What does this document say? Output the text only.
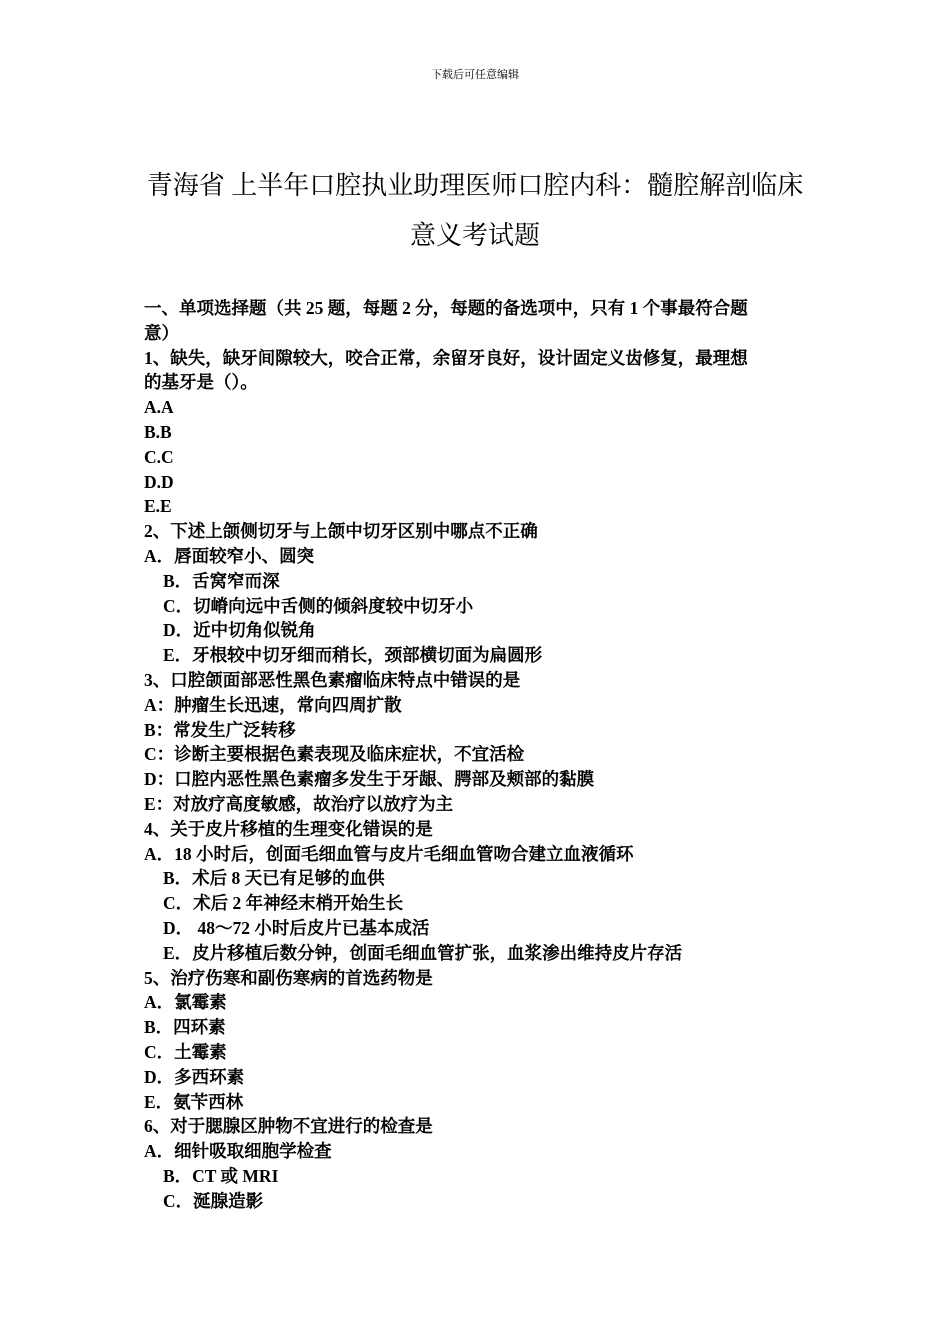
下载后可任意编辑
青海省 上半年口腔执业助理医师口腔内科：髓腔解剖临床
意义考试题
一、单项选择题（共 25 题，每题 2 分，每题的备选项中，只有 1 个事最符合题
意）
1、缺失，缺牙间隙较大，咬合正常，余留牙良好，设计固定义齿修复，最理想
的基牙是（）。
A.A
B.B
C.C
D.D
E.E
2、下述上颌侧切牙与上颌中切牙区别中哪点不正确
A．唇面较窄小、圆突
B．舌窝窄而深
C．切嵴向远中舌侧的倾斜度较中切牙小
D．近中切角似锐角
E．牙根较中切牙细而稍长，颈部横切面为扁圆形
3、口腔颌面部恶性黑色素瘤临床特点中错误的是
A：肿瘤生长迅速，常向四周扩散
B：常发生广泛转移
C：诊断主要根据色素表现及临床症状，不宜活检
D：口腔内恶性黑色素瘤多发生于牙龈、腭部及颊部的黏膜
E：对放疗高度敏感，故治疗以放疗为主
4、关于皮片移植的生理变化错误的是
A．18 小时后，创面毛细血管与皮片毛细血管吻合建立血液循环
B．术后 8 天已有足够的血供
C．术后 2 年神经末梢开始生长
D． 48～72 小时后皮片已基本成活
E．皮片移植后数分钟，创面毛细血管扩张，血浆渗出维持皮片存活
5、治疗伤寒和副伤寒病的首选药物是
A．氯霉素
B．四环素
C．土霉素
D．多西环素
E．氨苄西林
6、对于腮腺区肿物不宜进行的检查是
A．细针吸取细胞学检查
B．CT 或 MRI
C．涎腺造影
